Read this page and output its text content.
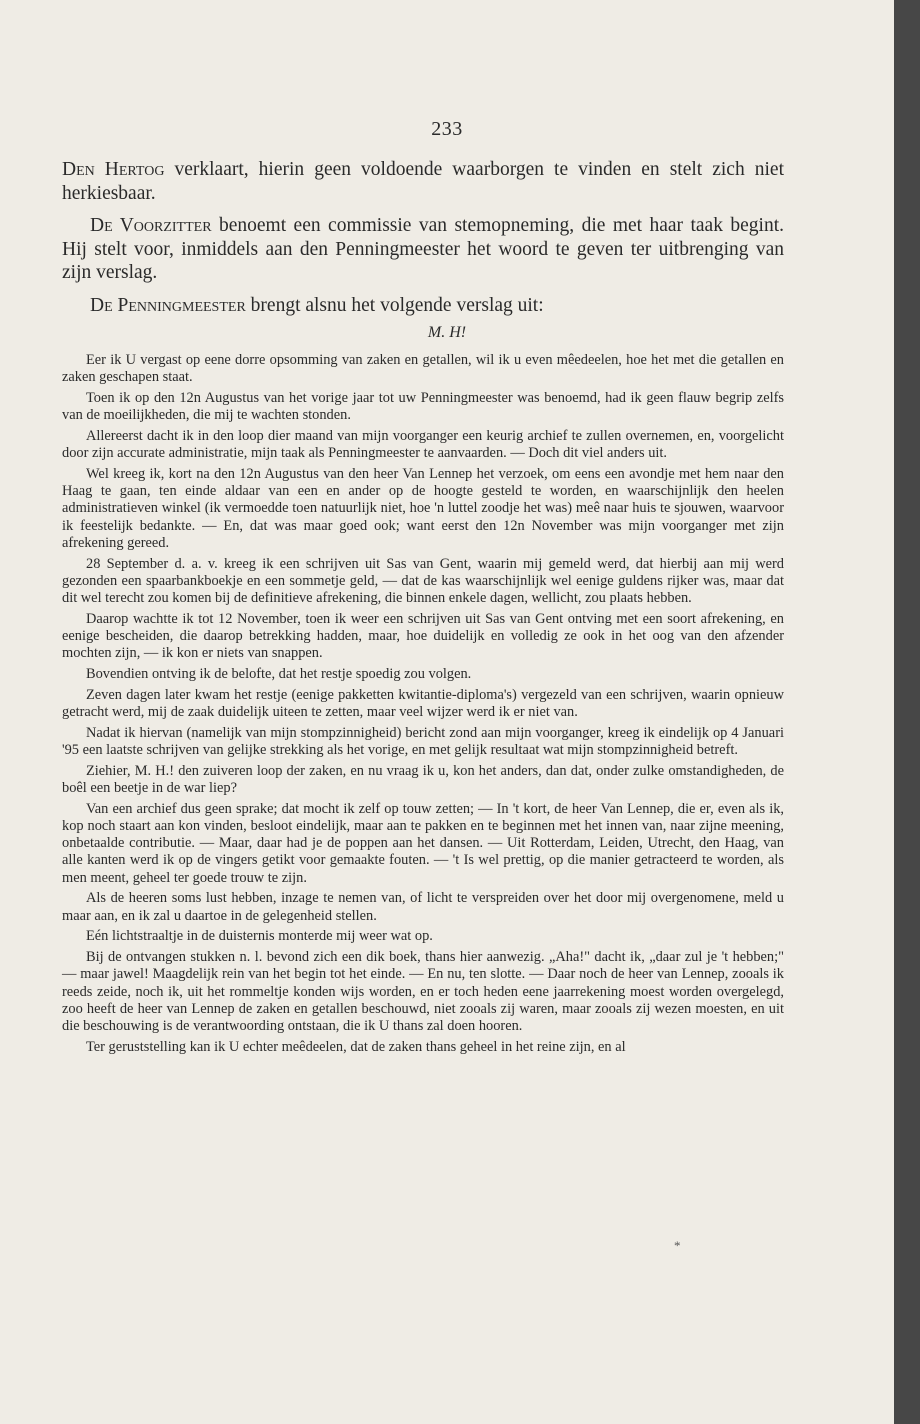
233

Den Hertog verklaart, hierin geen voldoende waarborgen te vinden en stelt zich niet herkiesbaar.

De Voorzitter benoemt een commissie van stemopneming, die met haar taak begint. Hij stelt voor, inmiddels aan den Penningmeester het woord te geven ter uitbrenging van zijn verslag.

De Penningmeester brengt alsnu het volgende verslag uit:

M. H!

Eer ik U vergast op eene dorre opsomming van zaken en getallen, wil ik u even mêedeelen, hoe het met die getallen en zaken geschapen staat.

Toen ik op den 12n Augustus van het vorige jaar tot uw Penningmeester was benoemd, had ik geen flauw begrip zelfs van de moeilijkheden, die mij te wachten stonden.

Allereerst dacht ik in den loop dier maand van mijn voorganger een keurig archief te zullen overnemen, en, voorgelicht door zijn accurate administratie, mijn taak als Penningmeester te aanvaarden. — Doch dit viel anders uit.

Wel kreeg ik, kort na den 12n Augustus van den heer Van Lennep het verzoek, om eens een avondje met hem naar den Haag te gaan, ten einde aldaar van een en ander op de hoogte gesteld te worden, en waarschijnlijk den heelen administratieven winkel (ik vermoedde toen natuurlijk niet, hoe 'n luttel zoodje het was) meê naar huis te sjouwen, waarvoor ik feestelijk bedankte. — En, dat was maar goed ook; want eerst den 12n November was mijn voorganger met zijn afrekening gereed.

28 September d. a. v. kreeg ik een schrijven uit Sas van Gent, waarin mij gemeld werd, dat hierbij aan mij werd gezonden een spaarbankboekje en een sommetje geld, — dat de kas waarschijnlijk wel eenige guldens rijker was, maar dat dit wel terecht zou komen bij de definitieve afrekening, die binnen enkele dagen, wellicht, zou plaats hebben.

Daarop wachtte ik tot 12 November, toen ik weer een schrijven uit Sas van Gent ontving met een soort afrekening, en eenige bescheiden, die daarop betrekking hadden, maar, hoe duidelijk en volledig ze ook in het oog van den afzender mochten zijn, — ik kon er niets van snappen.

Bovendien ontving ik de belofte, dat het restje spoedig zou volgen.

Zeven dagen later kwam het restje (eenige pakketten kwitantie-diploma's) vergezeld van een schrijven, waarin opnieuw getracht werd, mij de zaak duidelijk uiteen te zetten, maar veel wijzer werd ik er niet van.

Nadat ik hiervan (namelijk van mijn stompzinnigheid) bericht zond aan mijn voorganger, kreeg ik eindelijk op 4 Januari '95 een laatste schrijven van gelijke strekking als het vorige, en met gelijk resultaat wat mijn stompzinnigheid betreft.

Ziehier, M. H.! den zuiveren loop der zaken, en nu vraag ik u, kon het anders, dan dat, onder zulke omstandigheden, de boêl een beetje in de war liep?

Van een archief dus geen sprake; dat mocht ik zelf op touw zetten; — In 't kort, de heer Van Lennep, die er, even als ik, kop noch staart aan kon vinden, besloot eindelijk, maar aan te pakken en te beginnen met het innen van, naar zijne meening, onbetaalde contributie. — Maar, daar had je de poppen aan het dansen. — Uit Rotterdam, Leiden, Utrecht, den Haag, van alle kanten werd ik op de vingers getikt voor gemaakte fouten. — 't Is wel prettig, op die manier getracteerd te worden, als men meent, geheel ter goede trouw te zijn.

Als de heeren soms lust hebben, inzage te nemen van, of licht te verspreiden over het door mij overgenomene, meld u maar aan, en ik zal u daartoe in de gelegenheid stellen.

Eén lichtstraaltje in de duisternis monterde mij weer wat op.

Bij de ontvangen stukken n. l. bevond zich een dik boek, thans hier aanwezig. „Aha!" dacht ik, „daar zul je 't hebben;" — maar jawel! Maagdelijk rein van het begin tot het einde. — En nu, ten slotte. — Daar noch de heer van Lennep, zooals ik reeds zeide, noch ik, uit het rommeltje konden wijs worden, en er toch heden eene jaarrekening moest worden overgelegd, zoo heeft de heer van Lennep de zaken en getallen beschouwd, niet zooals zij waren, maar zooals zij wezen moesten, en uit die beschouwing is de verantwoording ontstaan, die ik U thans zal doen hooren.

Ter geruststelling kan ik U echter meêdeelen, dat de zaken thans geheel in het reine zijn, en al

*
